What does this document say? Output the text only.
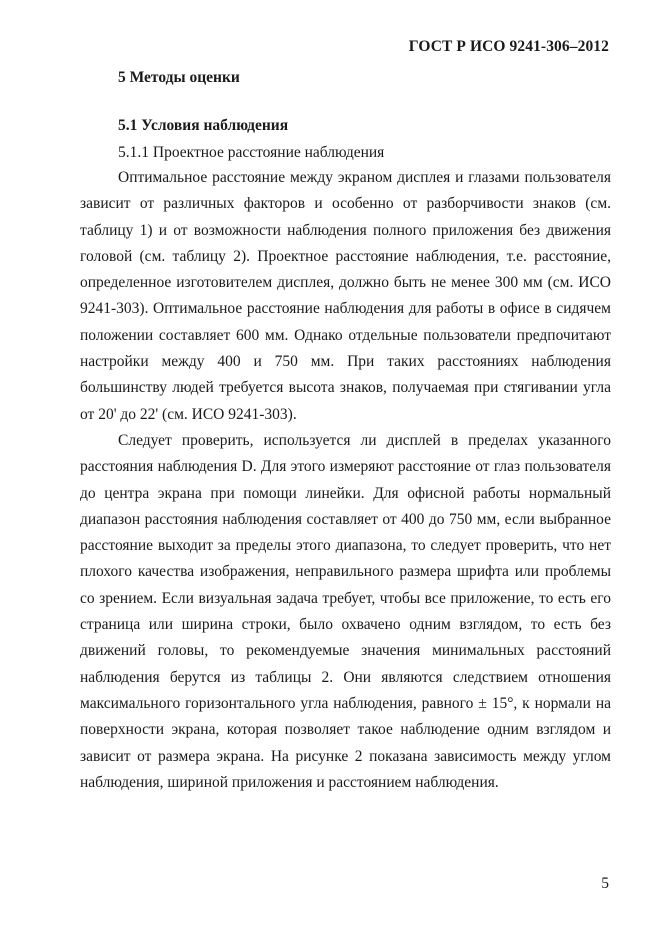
ГОСТ Р ИСО 9241-306–2012
5 Методы оценки
5.1 Условия наблюдения
5.1.1 Проектное расстояние наблюдения

Оптимальное расстояние между экраном дисплея и глазами пользователя зависит от различных факторов и особенно от разборчивости знаков (см. таблицу 1) и от возможности наблюдения полного приложения без движения головой (см. таблицу 2). Проектное расстояние наблюдения, т.е. расстояние, определенное изготовителем дисплея, должно быть не менее 300 мм (см. ИСО 9241-303). Оптимальное расстояние наблюдения для работы в офисе в сидячем положении составляет 600 мм. Однако отдельные пользователи предпочитают настройки между 400 и 750 мм. При таких расстояниях наблюдения большинству людей требуется высота знаков, получаемая при стягивании угла от 20' до 22' (см. ИСО 9241-303).

Следует проверить, используется ли дисплей в пределах указанного расстояния наблюдения D. Для этого измеряют расстояние от глаз пользователя до центра экрана при помощи линейки. Для офисной работы нормальный диапазон расстояния наблюдения составляет от 400 до 750 мм, если выбранное расстояние выходит за пределы этого диапазона, то следует проверить, что нет плохого качества изображения, неправильного размера шрифта или проблемы со зрением. Если визуальная задача требует, чтобы все приложение, то есть его страница или ширина строки, было охвачено одним взглядом, то есть без движений головы, то рекомендуемые значения минимальных расстояний наблюдения берутся из таблицы 2. Они являются следствием отношения максимального горизонтального угла наблюдения, равного ± 15°, к нормали на поверхности экрана, которая позволяет такое наблюдение одним взглядом и зависит от размера экрана. На рисунке 2 показана зависимость между углом наблюдения, шириной приложения и расстоянием наблюдения.

5
